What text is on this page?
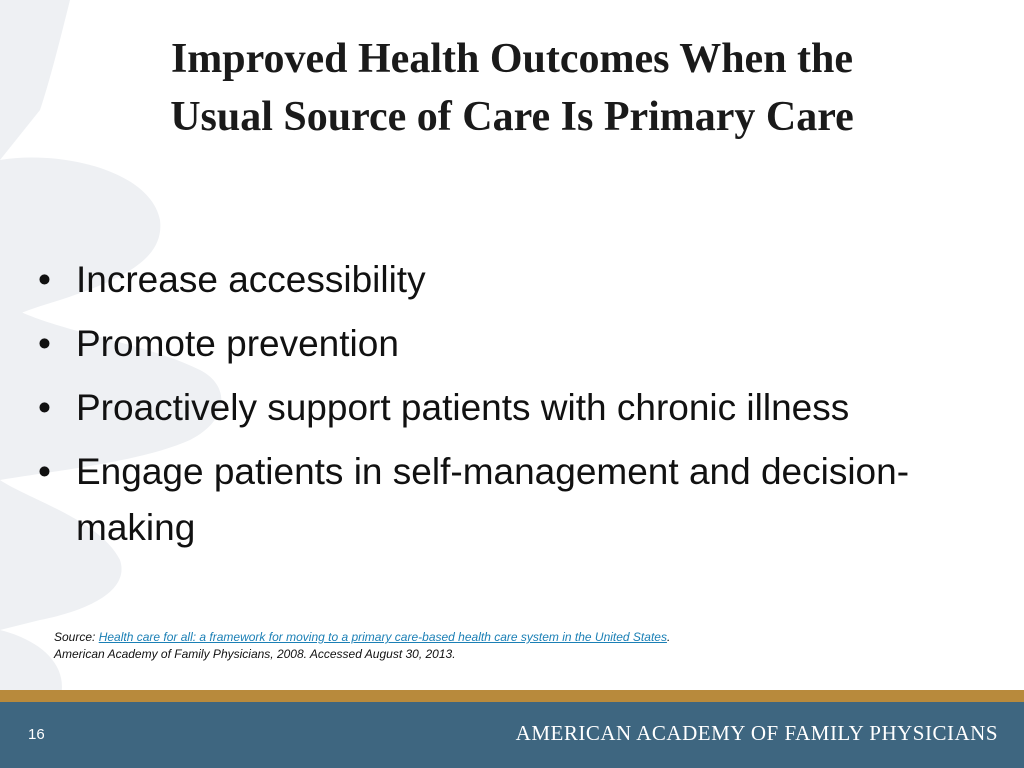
Improved Health Outcomes When the
Usual Source of Care Is Primary Care
• Increase accessibility
• Promote prevention
• Proactively support patients with chronic illness
• Engage patients in self-management and decision-making
Source: Health care for all: a framework for moving to a primary care-based health care system in the United States.
American Academy of Family Physicians, 2008. Accessed August 30, 2013.
16	AMERICAN ACADEMY OF FAMILY PHYSICIANS
